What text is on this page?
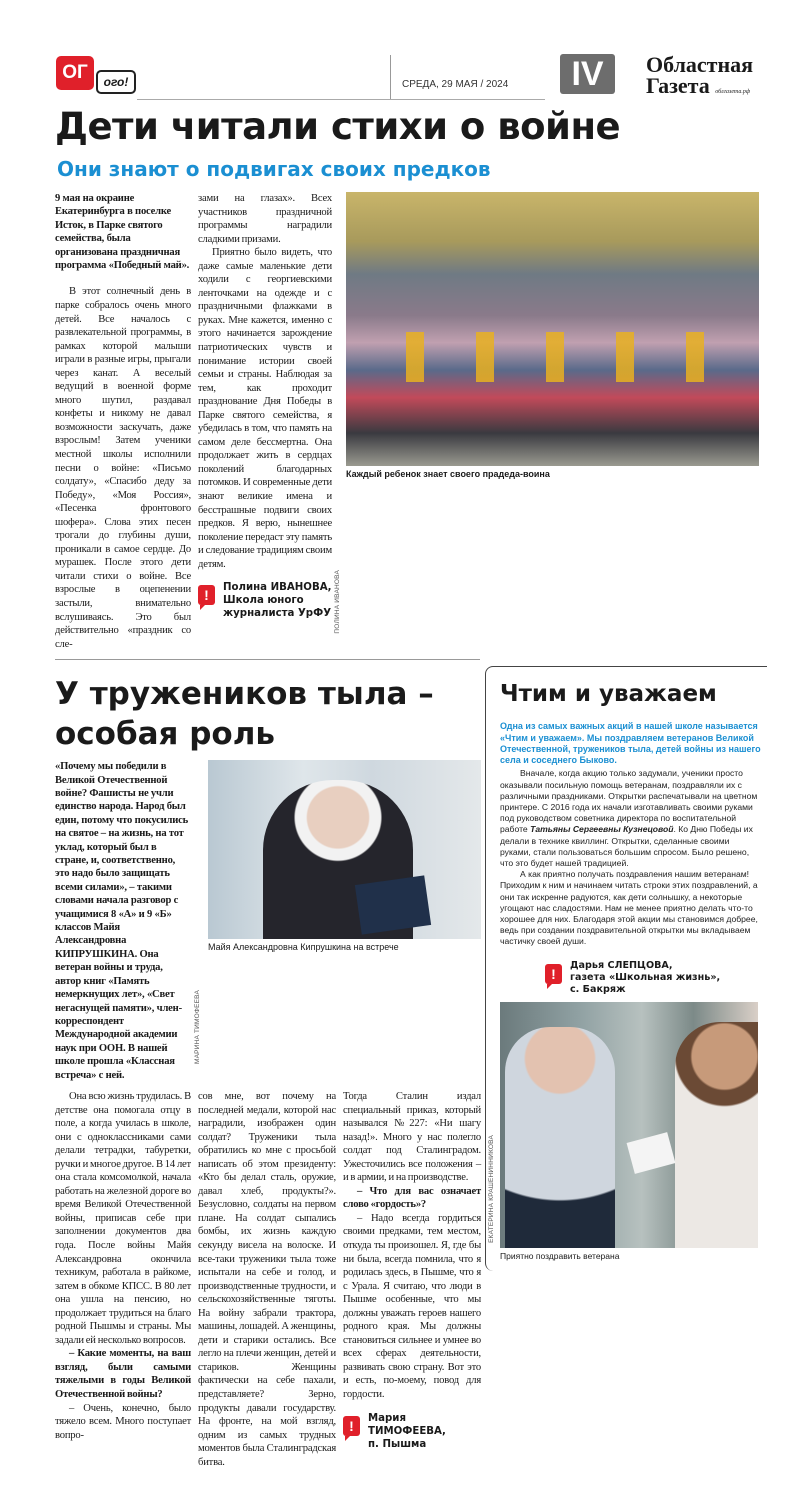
ОГ	ого!	СРЕДА, 29 МАЯ / 2024	IV	Областная
Газета облгазета.рф
Дети читали стихи о войне
Они знают о подвигах своих предков
9 мая на окраине Екатеринбурга в поселке Исток, в Парке святого семейства, была организована праздничная программа «Победный май».

В этот солнечный день в парке собралось очень много детей. Все началось с развлекательной программы, в рамках которой малыши играли в разные игры, прыгали через канат. А веселый ведущий в военной форме много шутил, раздавал конфеты и никому не давал возможности заскучать, даже взрослым! Затем ученики местной школы исполнили песни о войне: «Письмо солдату», «Спасибо деду за Победу», «Моя Россия», «Песенка фронтового шофера». Слова этих песен трогали до глубины души, проникали в самое сердце. До мурашек. После этого дети читали стихи о войне. Все взрослые в оцепенении застыли, внимательно вслушиваясь. Это был действительно «праздник со сле-

зами на глазах». Всех участников праздничной программы наградили сладкими призами.

Приятно было видеть, что даже самые маленькие дети ходили с георгиевскими ленточками на одежде и с праздничными флажками в руках. Мне кажется, именно с этого начинается зарождение патриотических чувств и понимание истории своей семьи и страны. Наблюдая за тем, как проходит празднование Дня Победы в Парке святого семейства, я убедилась в том, что память на самом деле бессмертна. Она продолжает жить в сердцах поколений благодарных потомков. И современные дети знают великие имена и бесстрашные подвиги своих предков. Я верю, нынешнее поколение передаст эту память и следование традициям своим детям.

!	Полина ИВАНОВА,
Школа юного журналиста УрФУ ПОЛИНА ИВАНОВА
Каждый ребенок знает своего прадеда-воина
У тружеников тыла – особая роль
«Почему мы победили в Великой Отечественной войне? Фашисты не учли единство народа. Народ был един, потому что покусились на святое – на жизнь, на тот уклад, который был в стране, и, соответственно, это надо было защищать всеми силами», – такими словами начала разговор с учащимися 8 «А» и 9 «Б» классов Майя Александровна КИПРУШКИНА. Она ветеран войны и труда, автор книг «Память немеркнущих лет», «Свет негаснущей памяти», член-корреспондент Международной академии наук при ООН. В нашей школе прошла «Классная встреча» с ней.
МАРИНА ТИМОФЕЕВА
Майя Александровна Кипрушкина на встрече

Она всю жизнь трудилась. В детстве она помогала отцу в поле, а когда училась в школе, они с одноклассниками сами делали тетрадки, табуретки, ручки и многое другое. В 14 лет она стала комсомолкой, начала работать на железной дороге во время Великой Отечественной войны, приписав себе при заполнении документов два года. После войны Майя Александровна окончила техникум, работала в райкоме, затем в обкоме КПСС. В 80 лет она ушла на пенсию, но продолжает трудиться на благо родной Пышмы и страны. Мы задали ей несколько вопросов.

– Какие моменты, на ваш взгляд, были самыми тяжелыми в годы Великой Отечественной войны?

– Очень, конечно, было тяжело всем. Много поступает вопро-

сов мне, вот почему на последней медали, которой нас наградили, изображен один солдат? Труженики тыла обратились ко мне с просьбой написать об этом президенту: «Кто бы делал сталь, оружие, давал хлеб, продукты?». Безусловно, солдаты на первом плане. На солдат сыпались бомбы, их жизнь каждую секунду висела на волоске. И все-таки труженики тыла тоже испытали на себе и голод, и производственные трудности, и сельскохозяйственные тяготы. На войну забрали трактора, машины, лошадей. А женщины, дети и старики остались. Все легло на плечи женщин, детей и стариков. Женщины фактически на себе пахали, представляете? Зерно, продукты давали государству. На фронте, на мой взгляд, одним из самых трудных моментов была Сталинградская битва.

Тогда Сталин издал специальный приказ, который назывался №227: «Ни шагу назад!». Много у нас полегло солдат под Сталинградом. Ужесточились все положения – и в армии, и на производстве.

– Что для вас означает слово «гордость»?

– Надо всегда гордиться своими предками, тем местом, откуда ты произошел. Я, где бы ни была, всегда помнила, что я родилась здесь, в Пышме, что я с Урала. Я считаю, что люди в Пышме особенные, что мы должны уважать героев нашего родного края. Мы должны становиться сильнее и умнее во всех сферах деятельности, развивать свою страну. Вот это и есть, по-моему, повод для гордости.

!	Мария ТИМОФЕЕВА,
п. Пышма
Чтим и уважаем
Одна из самых важных акций в нашей школе называется «Чтим и уважаем». Мы поздравляем ветеранов Великой Отечественной, тружеников тыла, детей войны из нашего села и соседнего Быково.

Вначале, когда акцию только задумали, ученики просто оказывали посильную помощь ветеранам, поздравляли их с различными праздниками. Открытки распечатывали на цветном принтере. С 2016 года их начали изготавливать своими руками под руководством советника директора по воспитательной работе Татьяны Сергеевны Кузнецовой. Ко Дню Победы их делали в технике квиллинг. Открытки, сделанные своими руками, стали пользоваться большим спросом. Было решено, что это будет нашей традицией.

А как приятно получать поздравления нашим ветеранам! Приходим к ним и начинаем читать строки этих поздравлений, а они так искренне радуются, как дети солнышку, а некоторые угощают нас сладостями. Нам не менее приятно делать что-то хорошее для них. Благодаря этой акции мы становимся добрее, ведь при создании поздравительной открытки мы вкладываем частичку своей души.

!
Дарья СЛЕПЦОВА,
газета «Школьная жизнь»,
с. Бакряж
ЕКАТЕРИНА КРАШЕНИННИКОВА
Приятно поздравить ветерана
